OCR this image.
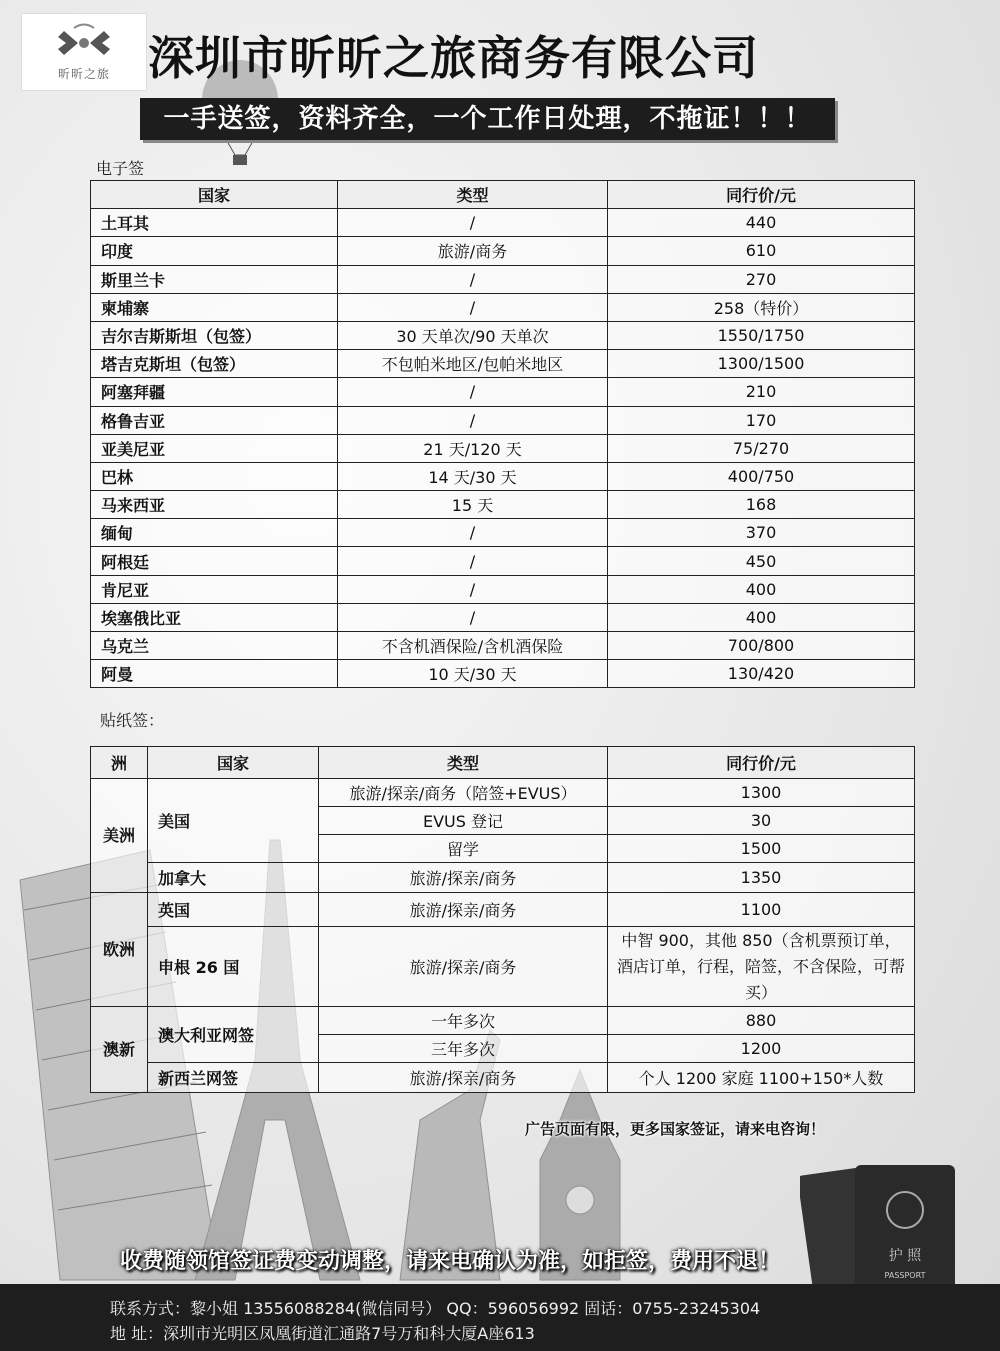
护 照
PASSPORT
昕昕之旅 深圳市昕昕之旅商务有限公司
一手送签，资料齐全，一个工作日处理，不拖证！！！
电子签
国家	类型	同行价/元
土耳其	/	440
印度	旅游/商务	610
斯里兰卡	/	270
柬埔寨	/	258（特价）
吉尔吉斯斯坦（包签）	30 天单次/90 天单次	1550/1750
塔吉克斯坦（包签）	不包帕米地区/包帕米地区	1300/1500
阿塞拜疆	/	210
格鲁吉亚	/	170
亚美尼亚	21 天/120 天	75/270
巴林	14 天/30 天	400/750
马来西亚	15 天	168
缅甸	/	370
阿根廷	/	450
肯尼亚	/	400
埃塞俄比亚	/	400
乌克兰	不含机酒保险/含机酒保险	700/800
阿曼	10 天/30 天	130/420
贴纸签：
洲	国家	类型	同行价/元
美洲	美国	旅游/探亲/商务（陪签+EVUS）	1300
		EVUS 登记	30
		留学	1500
	加拿大	旅游/探亲/商务	1350
欧洲	英国	旅游/探亲/商务	1100
	申根 26 国	旅游/探亲/商务	中智 900，其他 850（含机票预订单，酒店订单，行程，陪签，不含保险，可帮买）
澳新	澳大利亚网签	一年多次	880
		三年多次	1200
	新西兰网签	旅游/探亲/商务	个人 1200 家庭 1100+150*人数
广告页面有限，更多国家签证，请来电咨询！
收费随领馆签证费变动调整，请来电确认为准，如拒签，费用不退！
联系方式：黎小姐 13556088284(微信同号） QQ：596056992 固话：0755-23245304
地 址：深圳市光明区凤凰街道汇通路7号万和科大厦A座613
